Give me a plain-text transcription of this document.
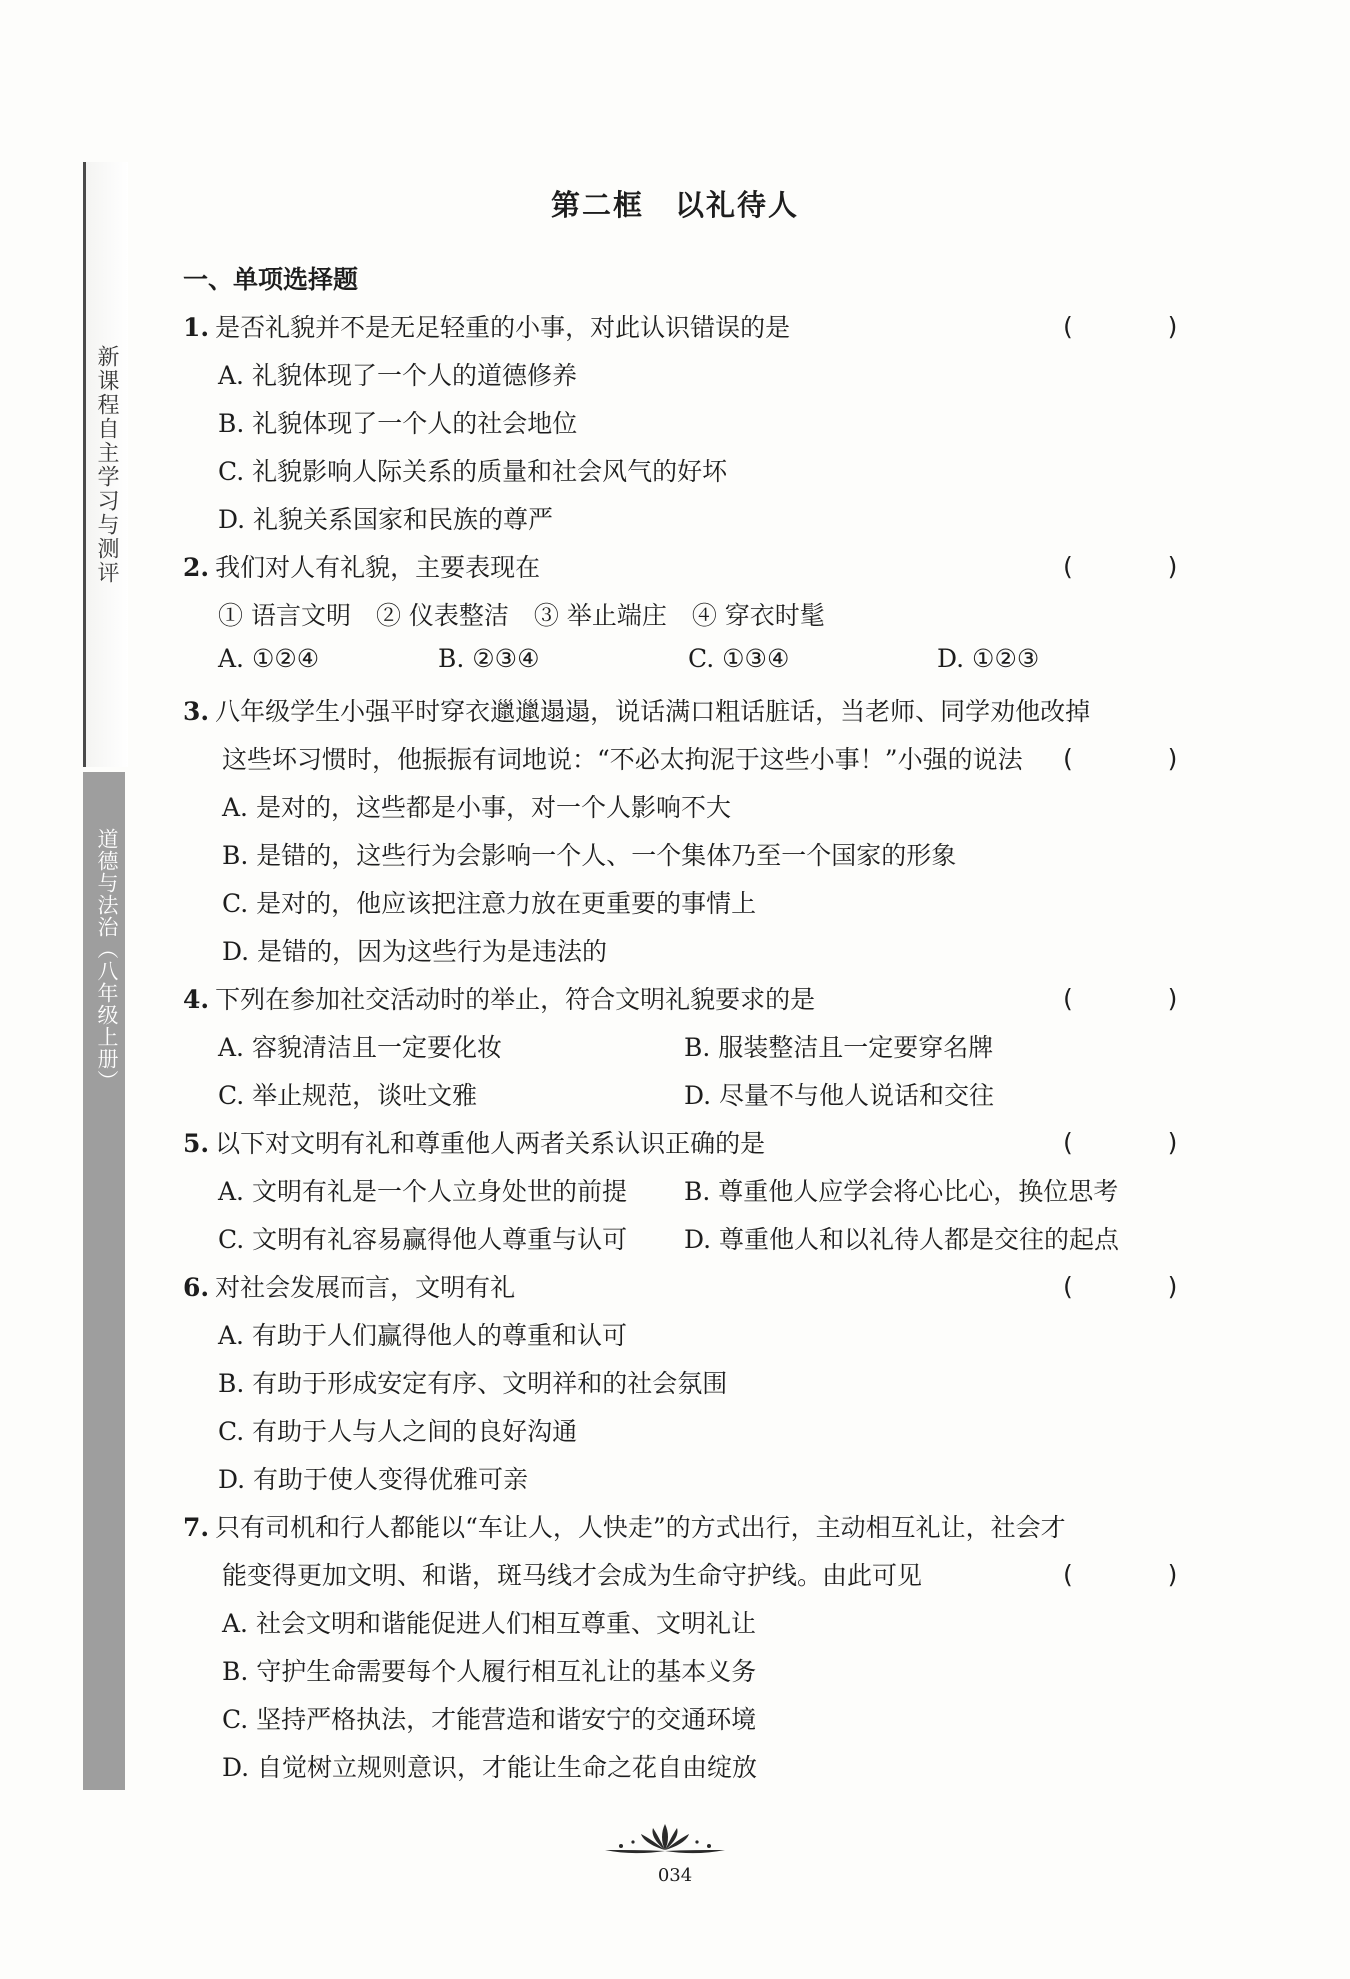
新课程自主学习与测评
道德与法治（八年级上册）
第二框　以礼待人
一、单项选择题
1. 是否礼貌并不是无足轻重的小事，对此认识错误的是	(      )
A. 礼貌体现了一个人的道德修养
B. 礼貌体现了一个人的社会地位
C. 礼貌影响人际关系的质量和社会风气的好坏
D. 礼貌关系国家和民族的尊严
2. 我们对人有礼貌，主要表现在	(      )
① 语言文明　② 仪表整洁　③ 举止端庄　④ 穿衣时髦
A. ①②④	B. ②③④	C. ①③④	D. ①②③
3. 八年级学生小强平时穿衣邋邋遢遢，说话满口粗话脏话，当老师、同学劝他改掉
这些坏习惯时，他振振有词地说：“不必太拘泥于这些小事！”小强的说法 (      )
A. 是对的，这些都是小事，对一个人影响不大
B. 是错的，这些行为会影响一个人、一个集体乃至一个国家的形象
C. 是对的，他应该把注意力放在更重要的事情上
D. 是错的，因为这些行为是违法的
4. 下列在参加社交活动时的举止，符合文明礼貌要求的是	(      )
A. 容貌清洁且一定要化妆	B. 服装整洁且一定要穿名牌
C. 举止规范，谈吐文雅	D. 尽量不与他人说话和交往
5. 以下对文明有礼和尊重他人两者关系认识正确的是	(      )
A. 文明有礼是一个人立身处世的前提 B. 尊重他人应学会将心比心，换位思考
C. 文明有礼容易赢得他人尊重与认可 D. 尊重他人和以礼待人都是交往的起点
6. 对社会发展而言，文明有礼	(      )
A. 有助于人们赢得他人的尊重和认可
B. 有助于形成安定有序、文明祥和的社会氛围
C. 有助于人与人之间的良好沟通
D. 有助于使人变得优雅可亲
7. 只有司机和行人都能以“车让人，人快走”的方式出行，主动相互礼让，社会才
能变得更加文明、和谐，斑马线才会成为生命守护线。由此可见	(      )
A. 社会文明和谐能促进人们相互尊重、文明礼让
B. 守护生命需要每个人履行相互礼让的基本义务
C. 坚持严格执法，才能营造和谐安宁的交通环境
D. 自觉树立规则意识，才能让生命之花自由绽放
034
